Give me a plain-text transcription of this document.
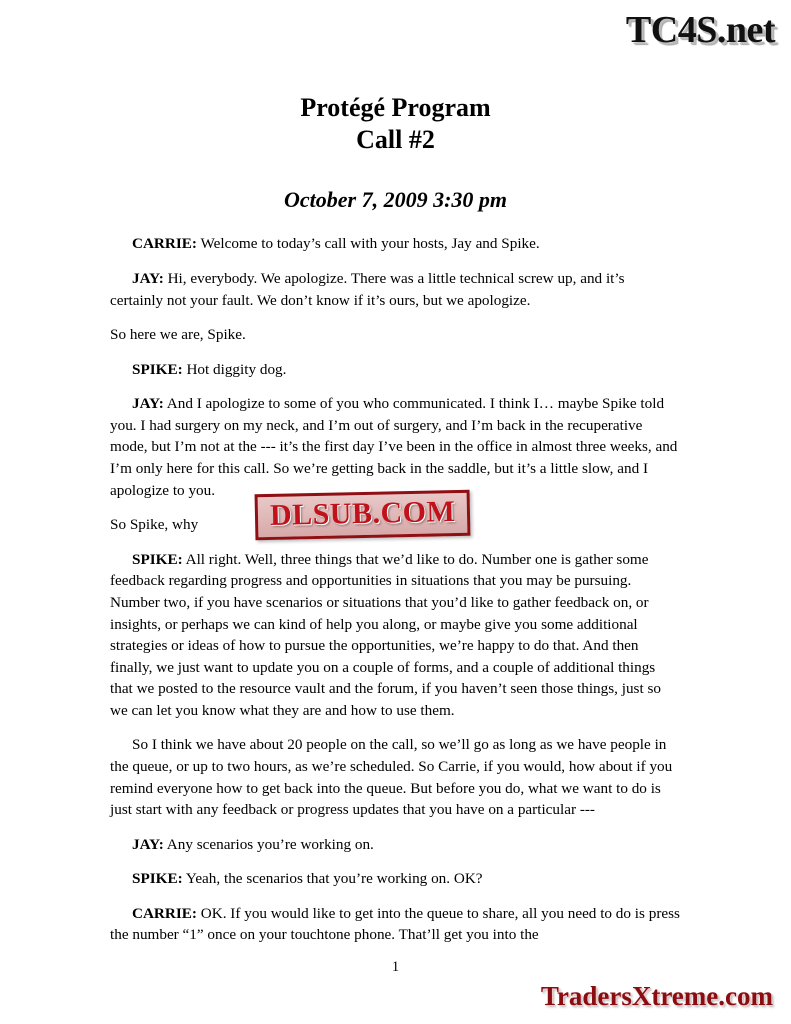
TC4S.net
Protégé Program
Call #2
October 7, 2009 3:30 pm

CARRIE: Welcome to today’s call with your hosts, Jay and Spike.

JAY: Hi, everybody. We apologize. There was a little technical screw up, and it’s certainly not your fault. We don’t know if it’s ours, but we apologize.

So here we are, Spike.

SPIKE: Hot diggity dog.

JAY: And I apologize to some of you who communicated. I think I… maybe Spike told you. I had surgery on my neck, and I’m out of surgery, and I’m back in the recuperative mode, but I’m not at the --- it’s the first day I’ve been in the office in almost three weeks, and I’m only here for this call. So we’re getting back in the saddle, but it’s a little slow, and I apologize to you.

So Spike, why

SPIKE: All right. Well, three things that we’d like to do. Number one is gather some feedback regarding progress and opportunities in situations that you may be pursuing. Number two, if you have scenarios or situations that you’d like to gather feedback on, or insights, or perhaps we can kind of help you along, or maybe give you some additional strategies or ideas of how to pursue the opportunities, we’re happy to do that. And then finally, we just want to update you on a couple of forms, and a couple of additional things that we posted to the resource vault and the forum, if you haven’t seen those things, just so we can let you know what they are and how to use them.

So I think we have about 20 people on the call, so we’ll go as long as we have people in the queue, or up to two hours, as we’re scheduled. So Carrie, if you would, how about if you remind everyone how to get back into the queue. But before you do, what we want to do is just start with any feedback or progress updates that you have on a particular ---

JAY: Any scenarios you’re working on.

SPIKE: Yeah, the scenarios that you’re working on. OK?

CARRIE: OK. If you would like to get into the queue to share, all you need to do is press the number “1” once on your touchtone phone. That’ll get you into the

DLSUB.COM
1
TradersXtreme.com
